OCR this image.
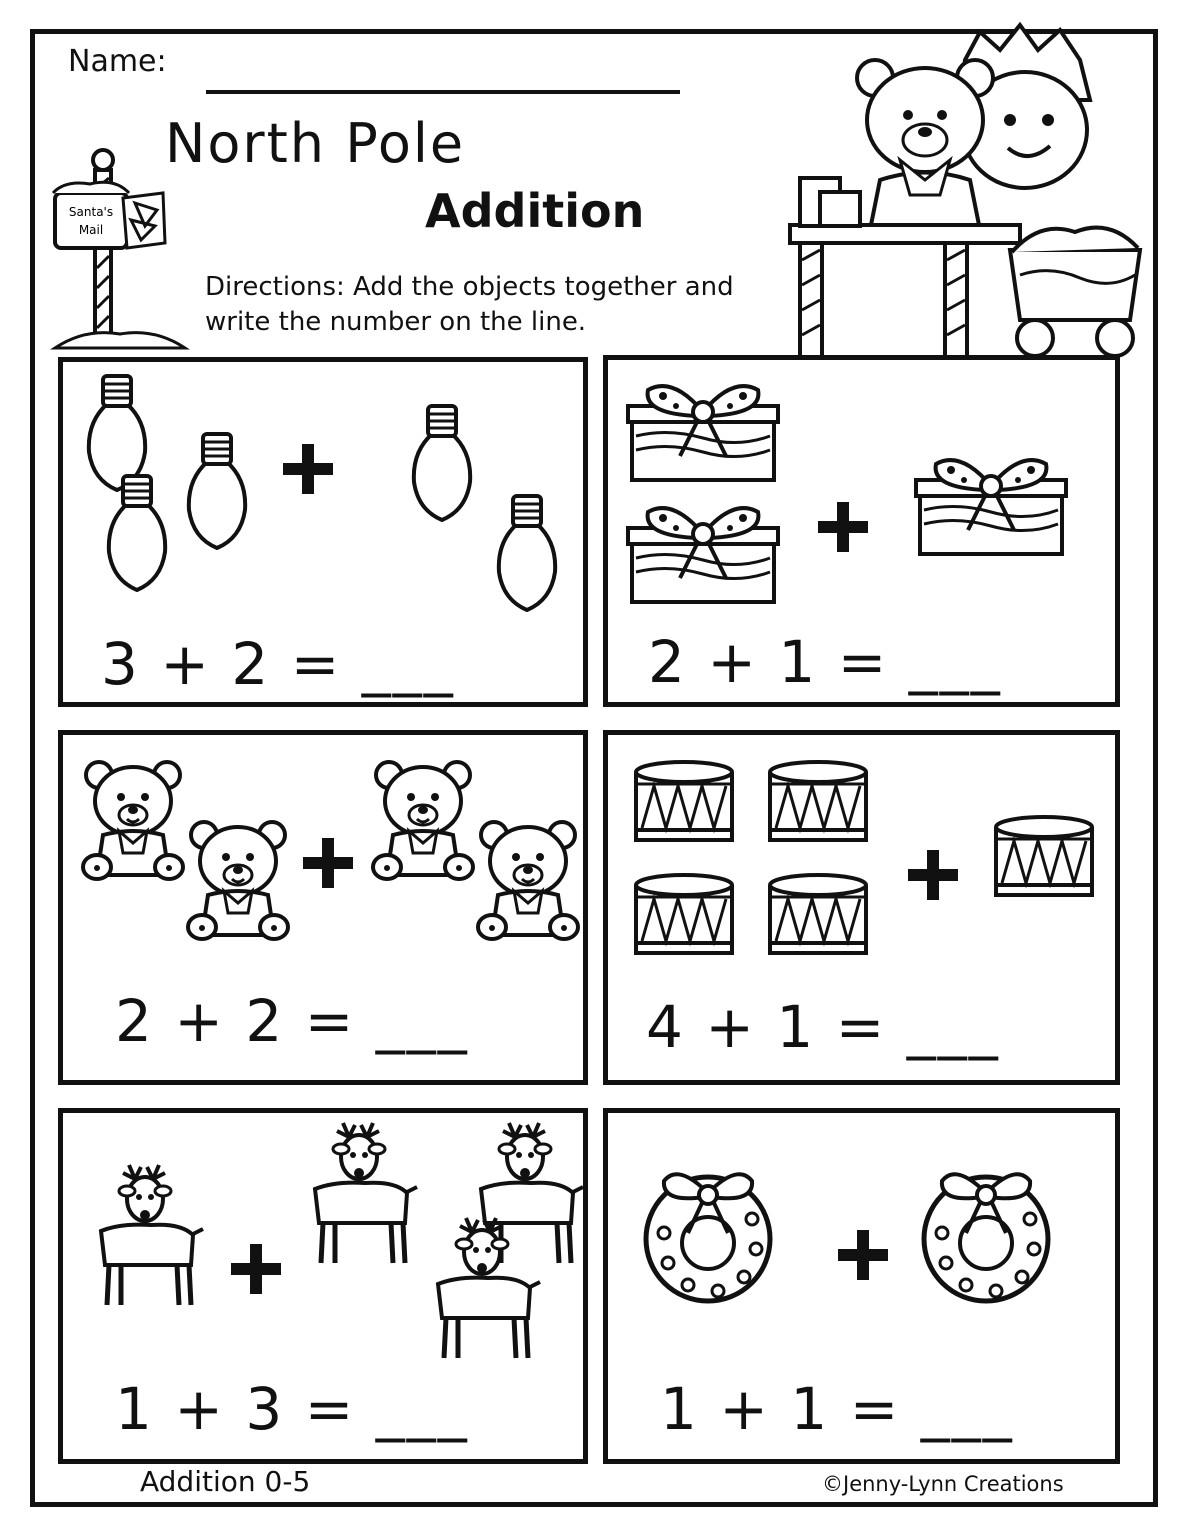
Name:
North Pole
Addition
Directions: Add the objects together and write the number on the line.
Santa's
Mail
3 + 2 = ___	2 + 1 = ___
2 + 2 = ___	4 + 1 = ___
1 + 3 = ___	1 + 1 = ___
Addition 0-5	©Jenny-Lynn Creations
